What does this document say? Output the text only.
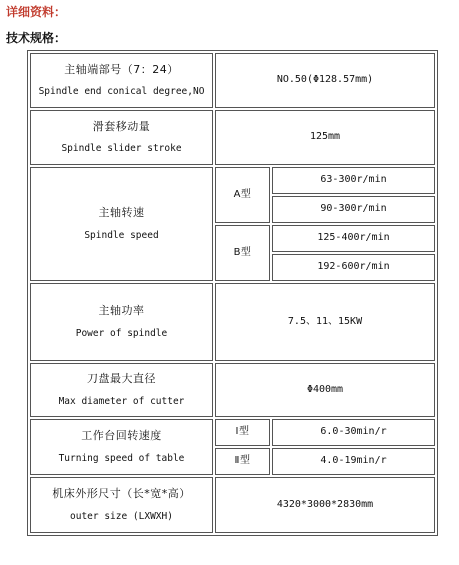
详细资料：
技术规格：
主轴端部号（7：24）
Spindle end conical degree,NO	NO.50(Φ128.57mm)	

滑套移动量
Spindle slider stroke	125mm	

主轴转速
Spindle speed	A型	63-300r/min
		90-300r/min
	B型	125-400r/min
		192-600r/min

主轴功率
Power of spindle	7.5、11、15KW	

刀盘最大直径
Max diameter of cutter	Φ400mm	

工作台回转速度
Turning speed of table	Ⅰ型	6.0-30min/r
	Ⅱ型	4.0-19min/r

机床外形尺寸（长*宽*高）
outer size (LXWXH)	4320*3000*2830mm	
